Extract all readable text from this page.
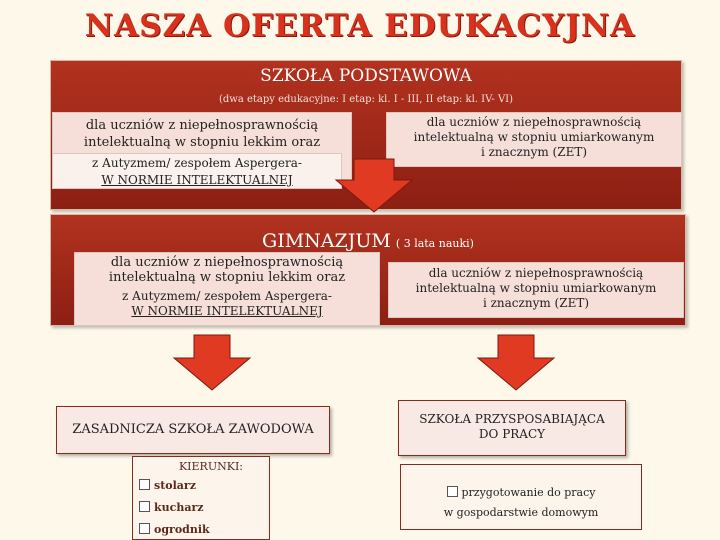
NASZA OFERTA EDUKACYJNA
SZKOŁA PODSTAWOWA
(dwa etapy edukacyjne: I etap: kl. I - III, II etap: kl. IV- VI)
dla uczniów z niepełnosprawnością
intelektualną w stopniu lekkim oraz
z Autyzmem/ zespołem Aspergera-
W NORMIE INTELEKTUALNEJ
dla uczniów z niepełnosprawnością
intelektualną w stopniu umiarkowanym
i znacznym (ZET)
GIMNAZJUM ( 3 lata nauki)
dla uczniów z niepełnosprawnością
intelektualną w stopniu lekkim oraz
z Autyzmem/ zespołem Aspergera-
W NORMIE INTELEKTUALNEJ
dla uczniów z niepełnosprawnością
intelektualną w stopniu umiarkowanym
i znacznym (ZET)
ZASADNICZA SZKOŁA ZAWODOWA
SZKOŁA PRZYSPOSABIAJĄCA
DO PRACY
KIERUNKI:
stolarz
kucharz
ogrodnik
przygotowanie do pracy
w gospodarstwie domowym
